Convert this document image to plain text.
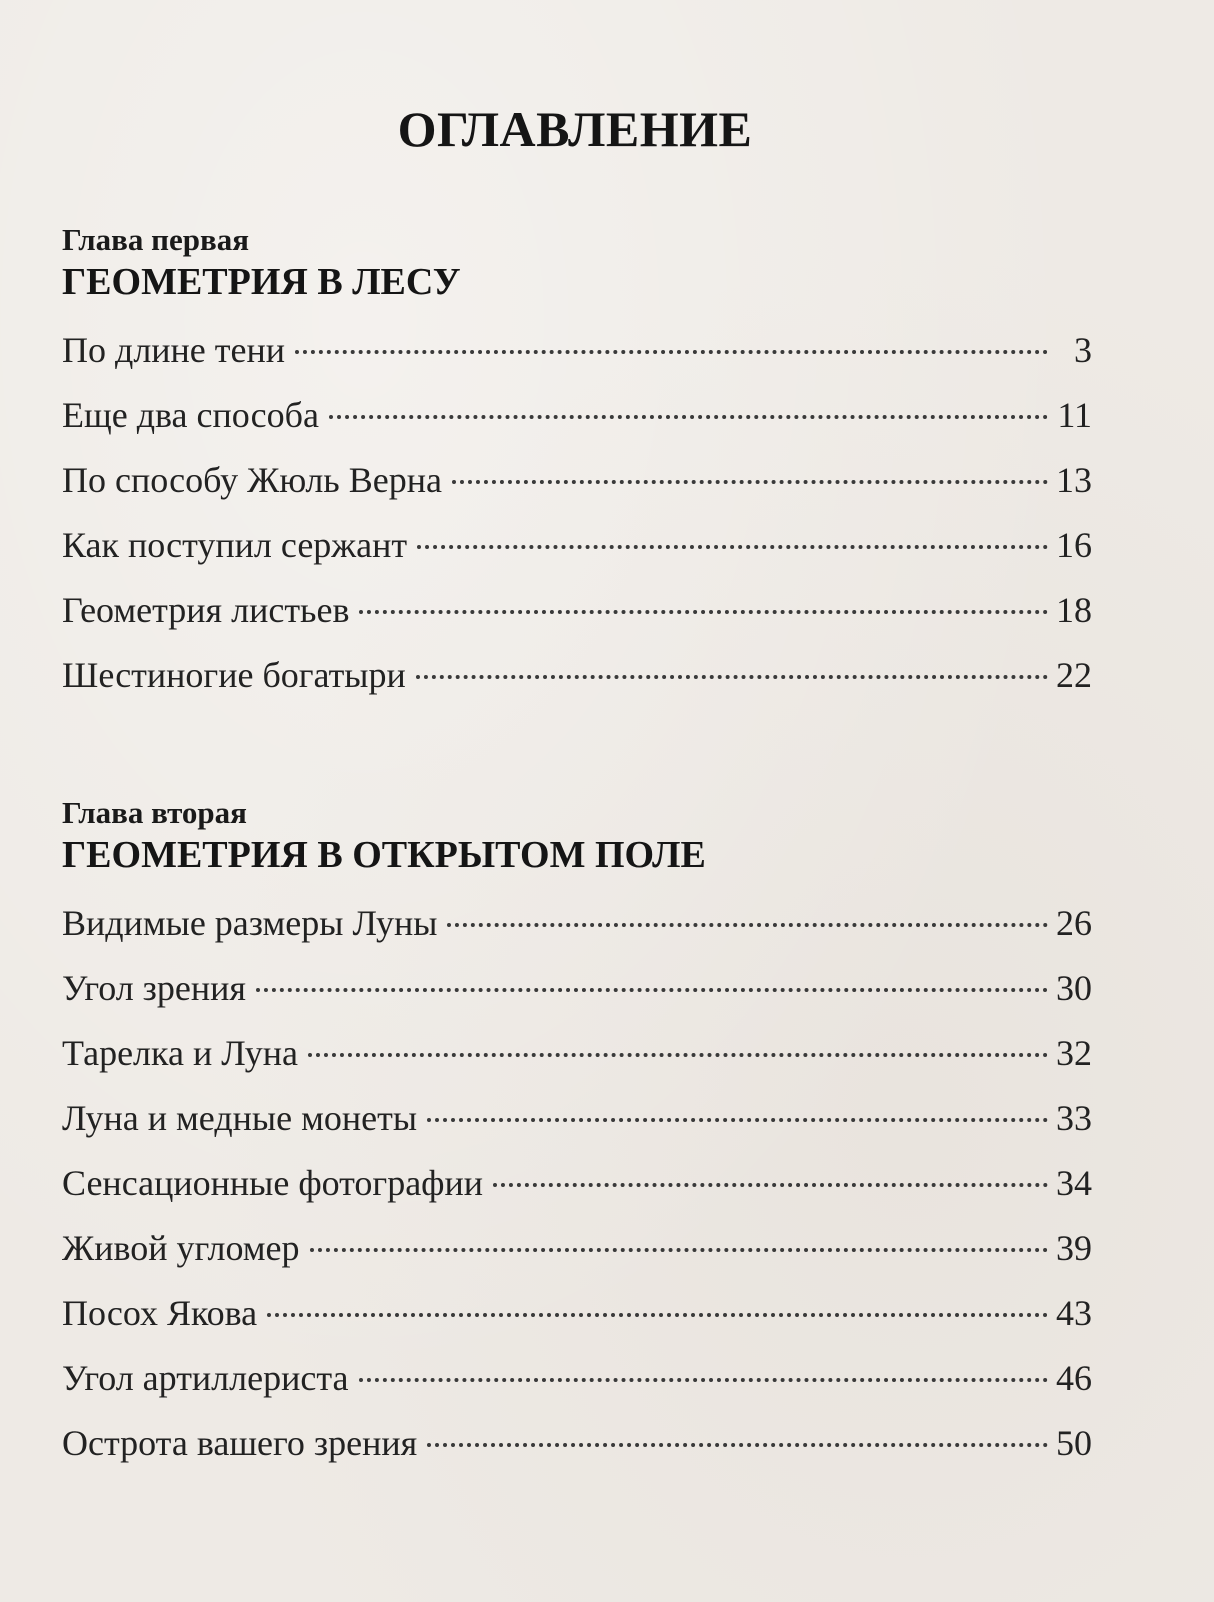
ОГЛАВЛЕНИЕ
Глава первая
ГЕОМЕТРИЯ В ЛЕСУ
По длине тени	3
Еще два способа	11
По способу Жюль Верна	13
Как поступил сержант	16
Геометрия листьев	18
Шестиногие богатыри	22
Глава вторая
ГЕОМЕТРИЯ В ОТКРЫТОМ ПОЛЕ
Видимые размеры Луны	26
Угол зрения	30
Тарелка и Луна	32
Луна и медные монеты	33
Сенсационные фотографии	34
Живой угломер	39
Посох Якова	43
Угол артиллериста	46
Острота вашего зрения	50
